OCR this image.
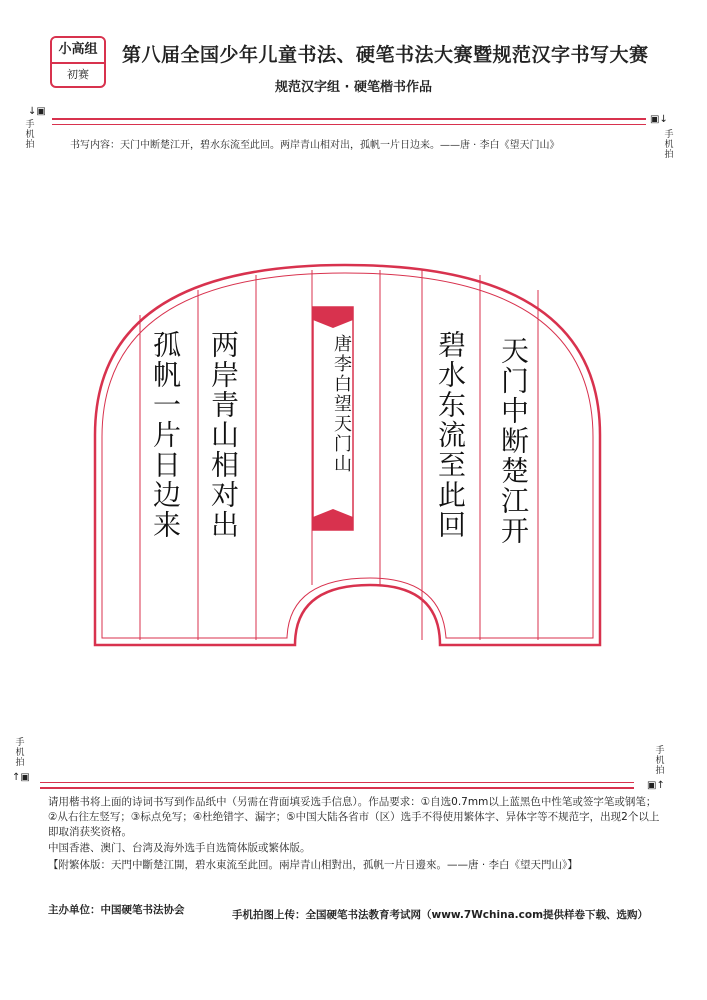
小高组
初赛
第八届全国少年儿童书法、硬笔书法大赛暨规范汉字书写大赛
规范汉字组 · 硬笔楷书作品
↓▣
手机拍
▣↓
手机拍
书写内容：天门中断楚江开，碧水东流至此回。两岸青山相对出，孤帆一片日边来。——唐 · 李白《望天门山》
唐李白望天门山	天门中断楚江开
碧水东流至此回
两岸青山相对出
孤帆一片日边来
手机拍
↑▣
手机拍
▣↑
请用楷书将上面的诗词书写到作品纸中（另需在背面填妥选手信息）。作品要求：①自选0.7mm以上蓝黑色中性笔或签字笔或钢笔；②从右往左竖写；③标点免写；④杜绝错字、漏字；⑤中国大陆各省市（区）选手不得使用繁体字、异体字等不规范字，出现2个以上即取消获奖资格。
中国香港、澳门、台湾及海外选手自选简体版或繁体版。
【附繁体版：天門中斷楚江開，碧水東流至此回。兩岸青山相對出，孤帆一片日邊來。——唐 · 李白《望天門山》】
主办单位：中国硬笔书法协会	手机拍图上传：全国硬笔书法教育考试网（www.7Wchina.com提供样卷下载、选购）
